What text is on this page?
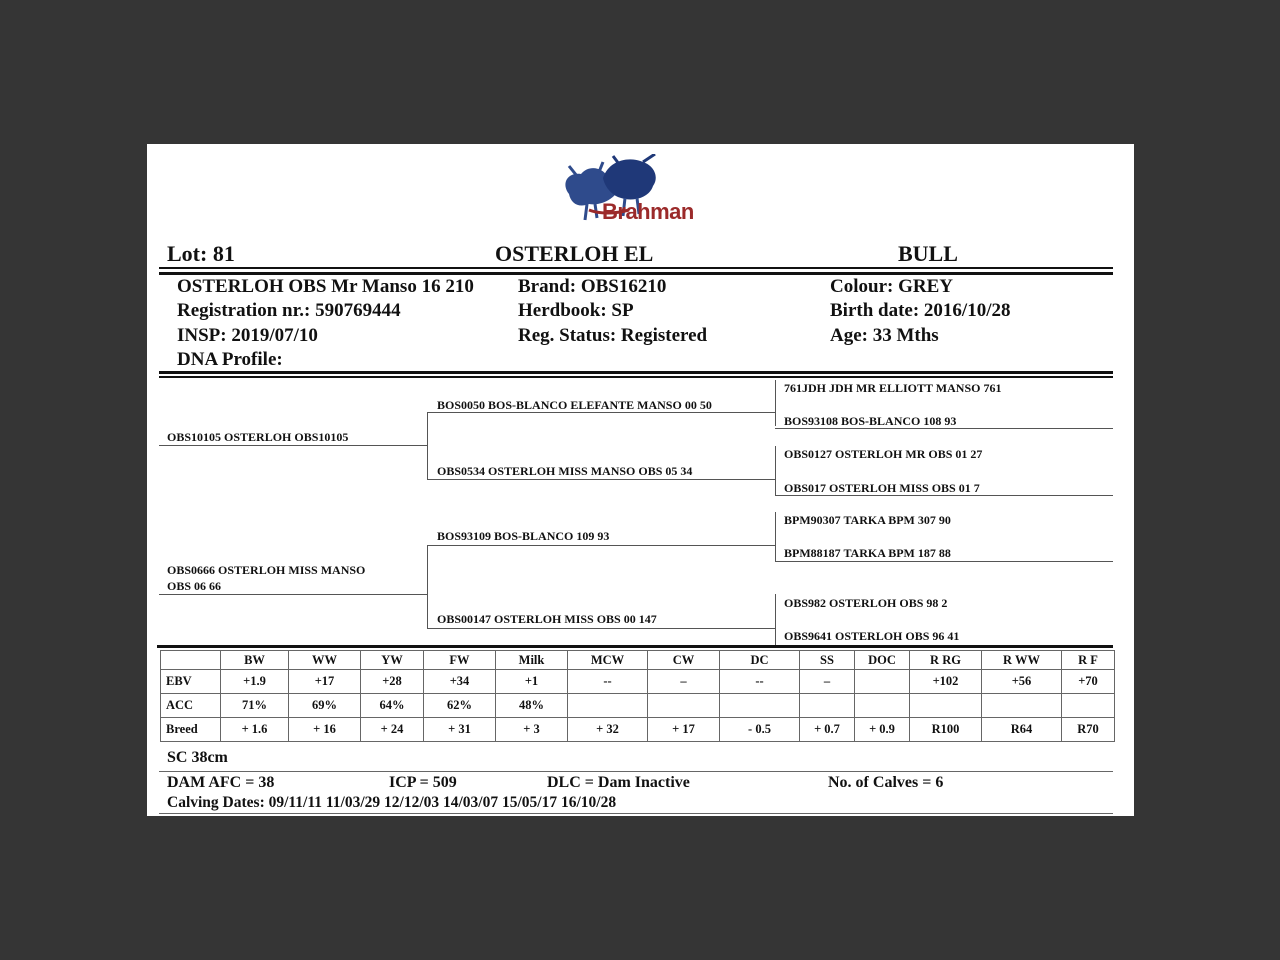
Brahman
Lot: 81	OSTERLOH EL	BULL
OSTERLOH OBS Mr Manso 16 210
Registration nr.: 590769444
INSP: 2019/07/10
DNA Profile:
Brand: OBS16210
Herdbook: SP
Reg. Status: Registered
Colour: GREY
Birth date: 2016/10/28
Age: 33 Mths
OBS10105 OSTERLOH OBS10105
OBS0666 OSTERLOH MISS MANSO
OBS 06 66
BOS0050 BOS-BLANCO ELEFANTE MANSO 00 50
OBS0534 OSTERLOH MISS MANSO OBS 05 34
BOS93109 BOS-BLANCO 109 93
OBS00147 OSTERLOH MISS OBS 00 147
761JDH JDH MR ELLIOTT MANSO 761
BOS93108 BOS-BLANCO 108 93
OBS0127 OSTERLOH MR OBS 01 27
OBS017 OSTERLOH MISS OBS 01 7
BPM90307 TARKA BPM 307 90
BPM88187 TARKA BPM 187 88
OBS982 OSTERLOH OBS 98 2
OBS9641 OSTERLOH OBS 96 41
	BW	WW	YW	FW	Milk	MCW	CW	DC	SS	DOC	R RG	R WW	R F
EBV	+1.9	+17	+28	+34	+1	--	–	--	–		+102	+56	+70
ACC	71%	69%	64%	62%	48%								
Breed	+ 1.6	+ 16	+ 24	+ 31	+ 3	+ 32	+ 17	- 0.5	+ 0.7	+ 0.9	R100	R64	R70
SC 38cm
DAM AFC = 38	ICP = 509	DLC = Dam Inactive	No. of Calves = 6
Calving Dates: 09/11/11 11/03/29 12/12/03 14/03/07 15/05/17 16/10/28
